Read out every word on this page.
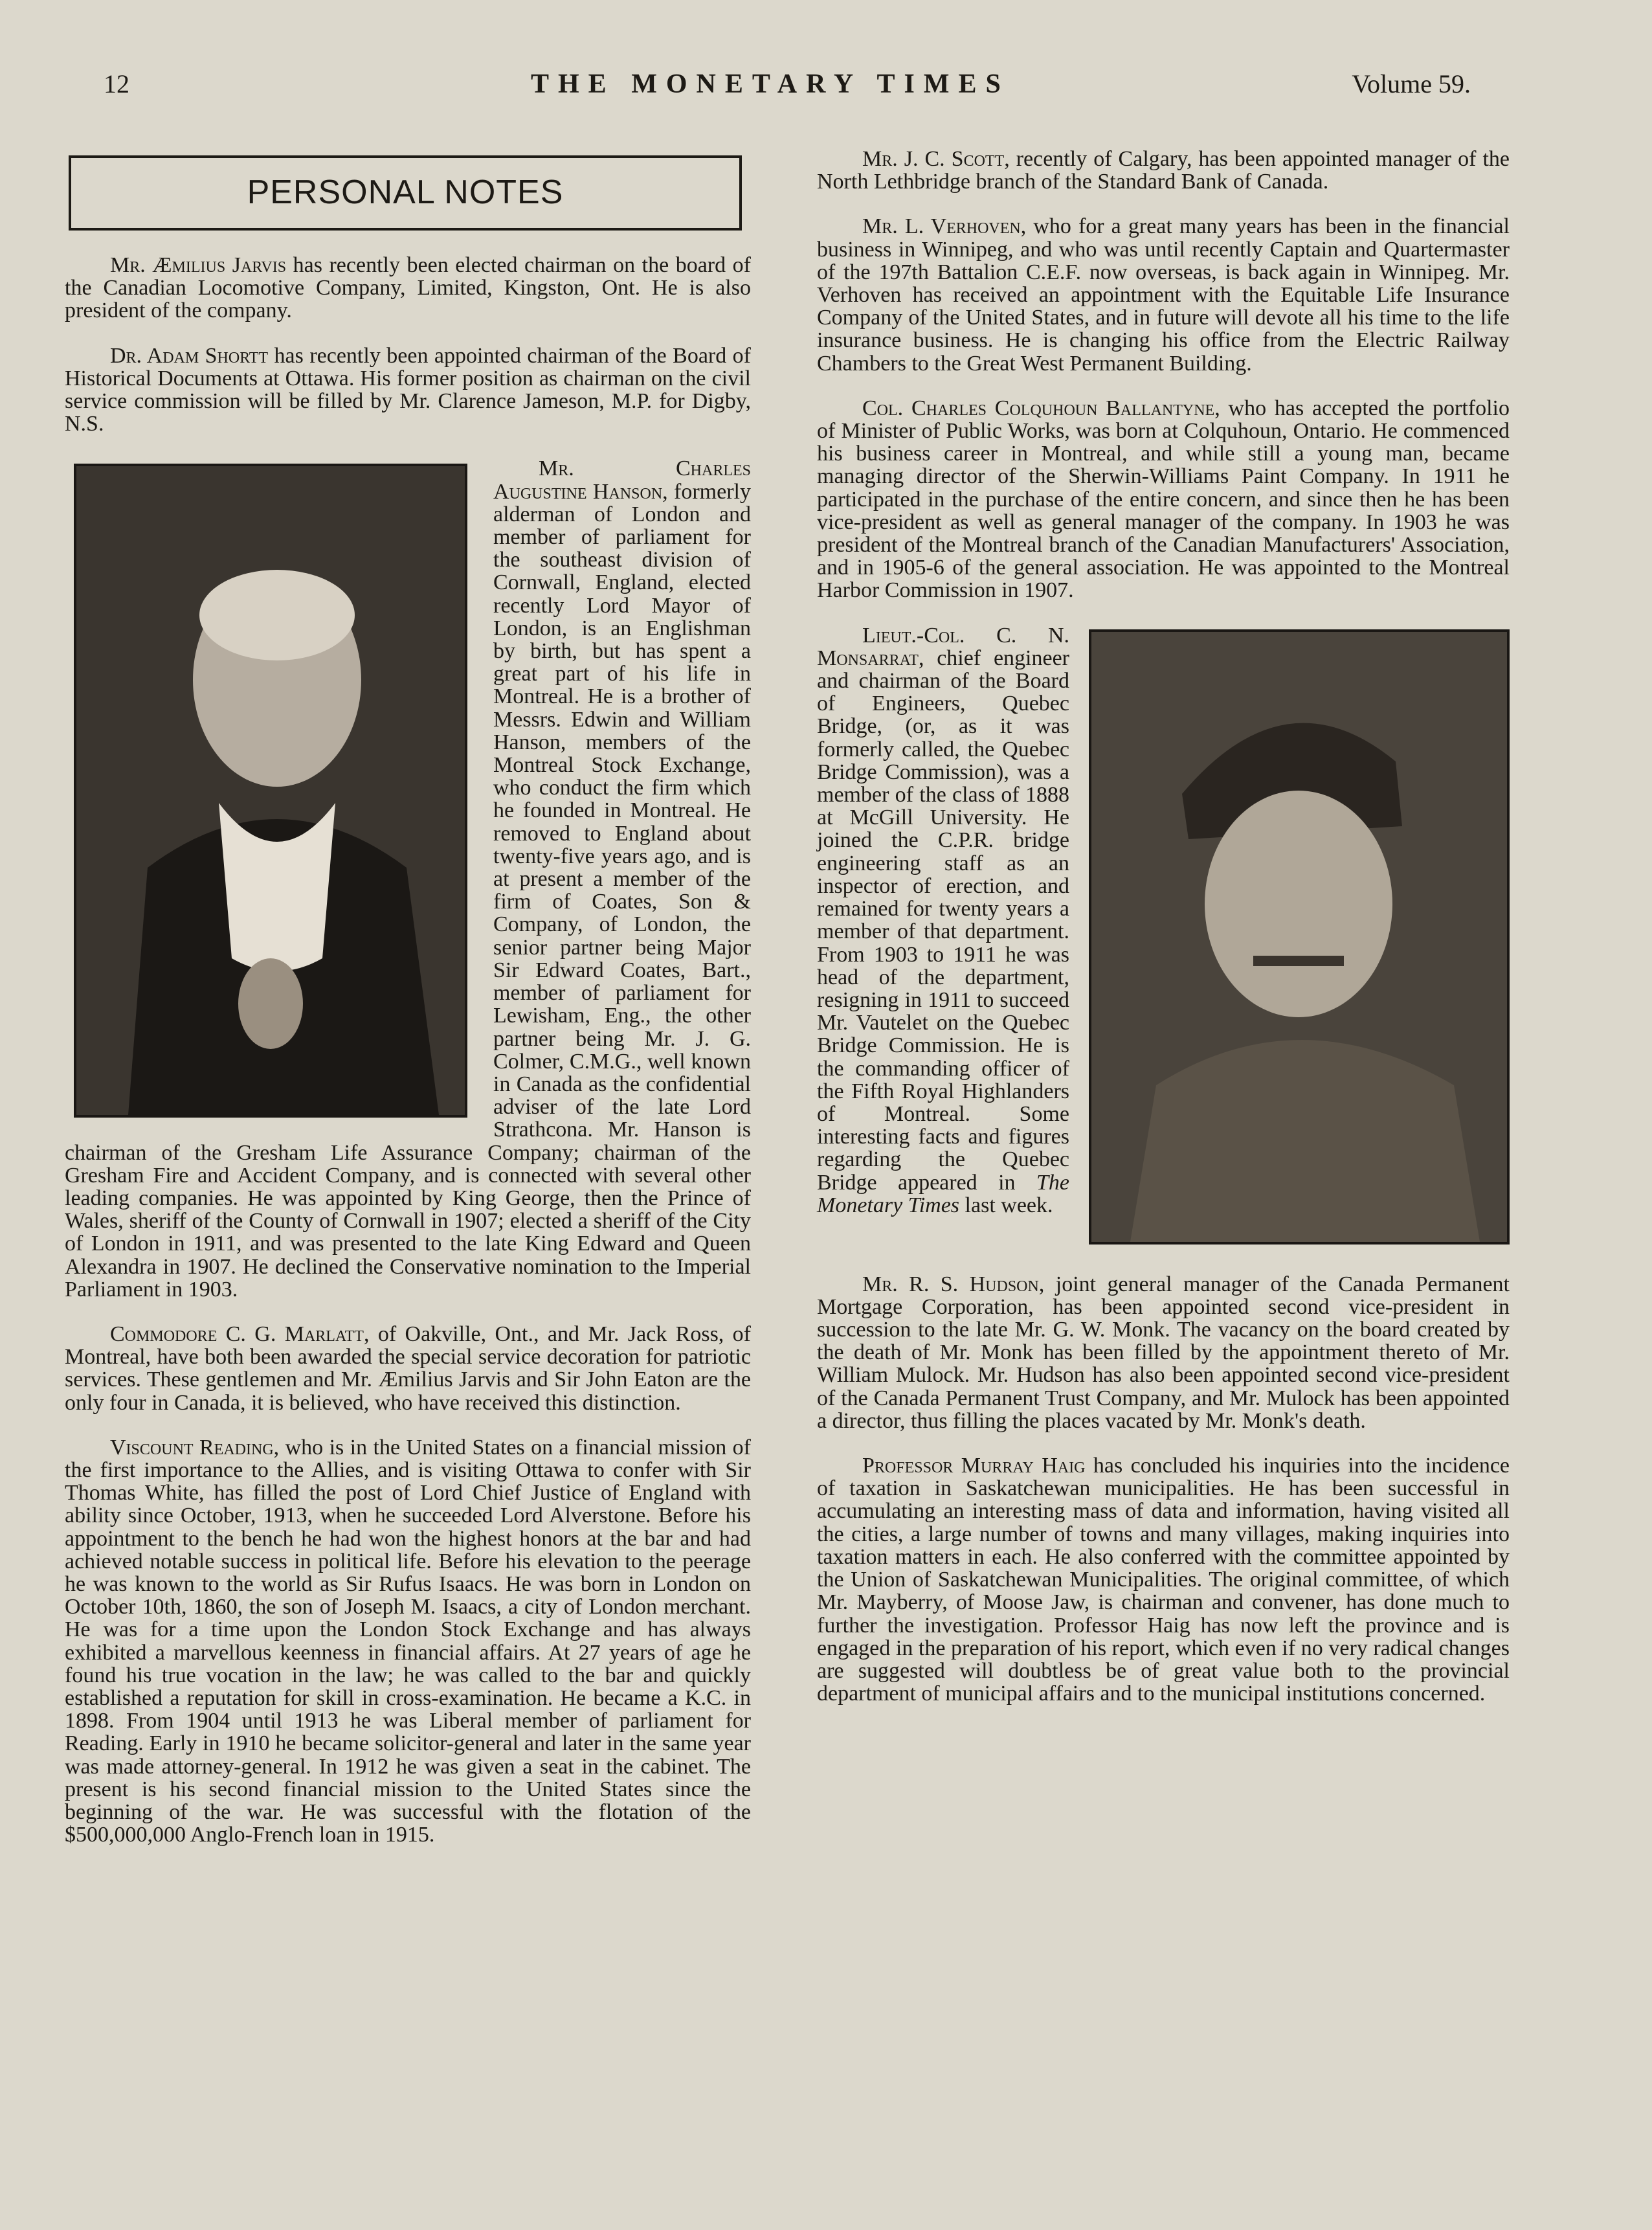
12	THE MONETARY TIMES	Volume 59.
PERSONAL NOTES

Mr. Æmilius Jarvis has recently been elected chairman on the board of the Canadian Locomotive Company, Limited, Kingston, Ont. He is also president of the company.

Dr. Adam Shortt has recently been appointed chairman of the Board of Historical Documents at Ottawa. His former position as chairman on the civil service commission will be filled by Mr. Clarence Jameson, M.P. for Digby, N.S.

Mr. Charles Augustine Hanson, formerly alderman of London and member of parliament for the southeast division of Cornwall, England, elected recently Lord Mayor of London, is an Englishman by birth, but has spent a great part of his life in Montreal. He is a brother of Messrs. Edwin and William Hanson, members of the Montreal Stock Exchange, who conduct the firm which he founded in Montreal. He removed to England about twenty-five years ago, and is at present a member of the firm of Coates, Son & Company, of London, the senior partner being Major Sir Edward Coates, Bart., member of parliament for Lewisham, Eng., the other partner being Mr. J. G. Colmer, C.M.G., well known in Canada as the confidential adviser of the late Lord Strathcona. Mr. Hanson is chairman of the Gresham Life Assurance Company; chairman of the Gresham Fire and Accident Company, and is connected with several other leading companies. He was appointed by King George, then the Prince of Wales, sheriff of the County of Cornwall in 1907; elected a sheriff of the City of London in 1911, and was presented to the late King Edward and Queen Alexandra in 1907. He declined the Conservative nomination to the Imperial Parliament in 1903.

Commodore C. G. Marlatt, of Oakville, Ont., and Mr. Jack Ross, of Montreal, have both been awarded the special service decoration for patriotic services. These gentlemen and Mr. Æmilius Jarvis and Sir John Eaton are the only four in Canada, it is believed, who have received this distinction.

Viscount Reading, who is in the United States on a financial mission of the first importance to the Allies, and is visiting Ottawa to confer with Sir Thomas White, has filled the post of Lord Chief Justice of England with ability since October, 1913, when he succeeded Lord Alverstone. Before his appointment to the bench he had won the highest honors at the bar and had achieved notable success in political life. Before his elevation to the peerage he was known to the world as Sir Rufus Isaacs. He was born in London on October 10th, 1860, the son of Joseph M. Isaacs, a city of London merchant. He was for a time upon the London Stock Exchange and has always exhibited a marvellous keenness in financial affairs. At 27 years of age he found his true vocation in the law; he was called to the bar and quickly established a reputation for skill in cross-examination. He became a K.C. in 1898. From 1904 until 1913 he was Liberal member of parliament for Reading. Early in 1910 he became solicitor-general and later in the same year was made attorney-general. In 1912 he was given a seat in the cabinet. The present is his second financial mission to the United States since the beginning of the war. He was successful with the flotation of the $500,000,000 Anglo-French loan in 1915.

Mr. J. C. Scott, recently of Calgary, has been appointed manager of the North Lethbridge branch of the Standard Bank of Canada.

Mr. L. Verhoven, who for a great many years has been in the financial business in Winnipeg, and who was until recently Captain and Quartermaster of the 197th Battalion C.E.F. now overseas, is back again in Winnipeg. Mr. Verhoven has received an appointment with the Equitable Life Insurance Company of the United States, and in future will devote all his time to the life insurance business. He is changing his office from the Electric Railway Chambers to the Great West Permanent Building.

Col. Charles Colquhoun Ballantyne, who has accepted the portfolio of Minister of Public Works, was born at Colquhoun, Ontario. He commenced his business career in Montreal, and while still a young man, became managing director of the Sherwin-Williams Paint Company. In 1911 he participated in the purchase of the entire concern, and since then he has been vice-president as well as general manager of the company. In 1903 he was president of the Montreal branch of the Canadian Manufacturers' Association, and in 1905-6 of the general association. He was appointed to the Montreal Harbor Commission in 1907.

Lieut.-Col. C. N. Monsarrat, chief engineer and chairman of the Board of Engineers, Quebec Bridge, (or, as it was formerly called, the Quebec Bridge Commission), was a member of the class of 1888 at McGill University. He joined the C.P.R. bridge engineering staff as an inspector of erection, and remained for twenty years a member of that department. From 1903 to 1911 he was head of the department, resigning in 1911 to succeed Mr. Vautelet on the Quebec Bridge Commission. He is the commanding officer of the Fifth Royal Highlanders of Montreal. Some interesting facts and figures regarding the Quebec Bridge appeared in The Monetary Times last week.

Mr. R. S. Hudson, joint general manager of the Canada Permanent Mortgage Corporation, has been appointed second vice-president in succession to the late Mr. G. W. Monk. The vacancy on the board created by the death of Mr. Monk has been filled by the appointment thereto of Mr. William Mulock. Mr. Hudson has also been appointed second vice-president of the Canada Permanent Trust Company, and Mr. Mulock has been appointed a director, thus filling the places vacated by Mr. Monk's death.

Professor Murray Haig has concluded his inquiries into the incidence of taxation in Saskatchewan municipalities. He has been successful in accumulating an interesting mass of data and information, having visited all the cities, a large number of towns and many villages, making inquiries into taxation matters in each. He also conferred with the committee appointed by the Union of Saskatchewan Municipalities. The original committee, of which Mr. Mayberry, of Moose Jaw, is chairman and convener, has done much to further the investigation. Professor Haig has now left the province and is engaged in the preparation of his report, which even if no very radical changes are suggested will doubtless be of great value both to the provincial department of municipal affairs and to the municipal institutions concerned.
